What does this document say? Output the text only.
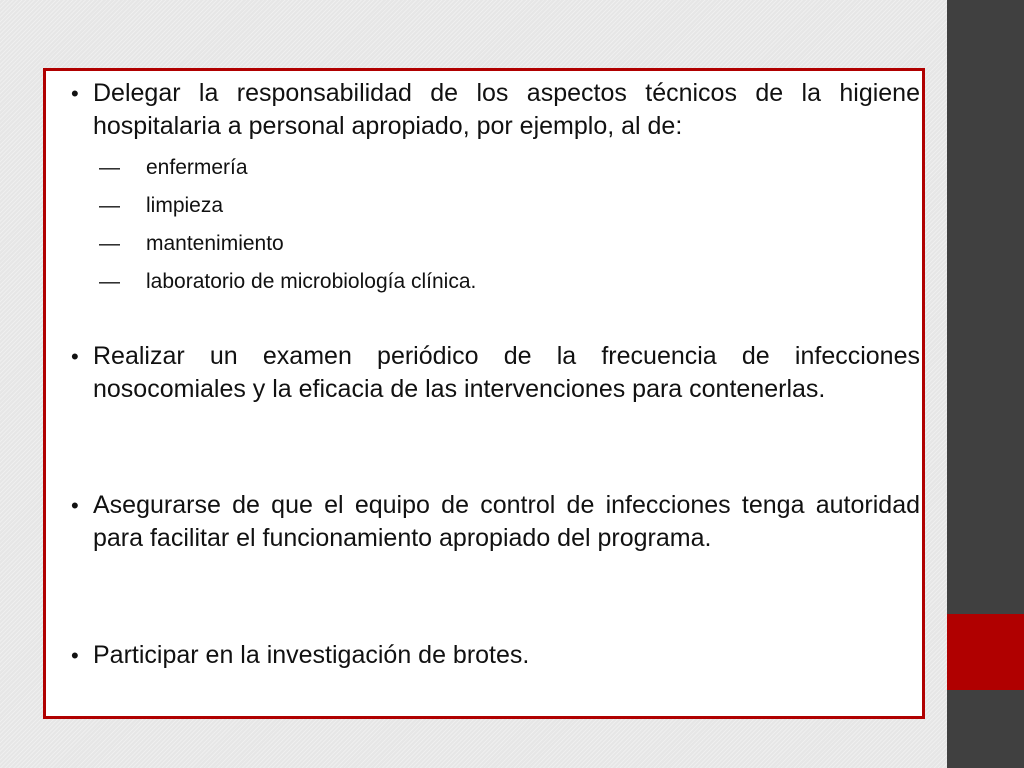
• Delegar la responsabilidad de los aspectos técnicos de la higiene hospitalaria a personal apropiado, por ejemplo, al de:
— enfermería
— limpieza
— mantenimiento
— laboratorio de microbiología clínica.
• Realizar un examen periódico de la frecuencia de infecciones nosocomiales y la eficacia de las intervenciones para contenerlas.
• Asegurarse de que el equipo de control de infecciones tenga autoridad para facilitar el funcionamiento apropiado del programa.
• Participar en la investigación de brotes.
